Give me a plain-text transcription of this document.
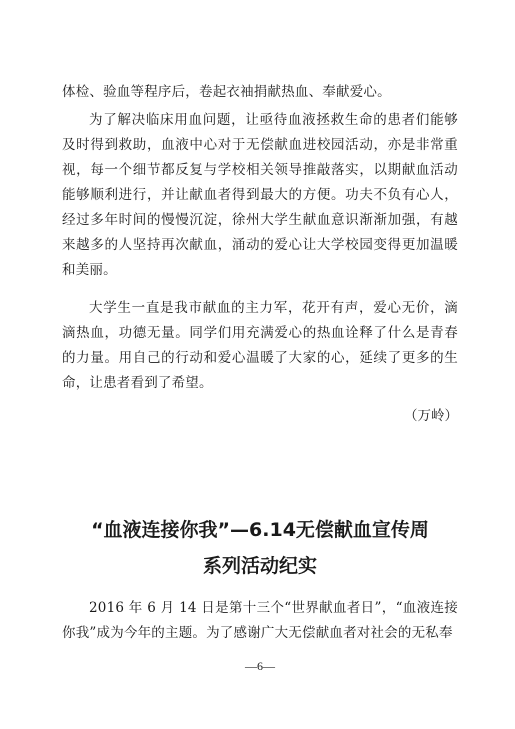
体检、验血等程序后，卷起衣袖捐献热血、奉献爱心。

为了解决临床用血问题，让亟待血液拯救生命的患者们能够及时得到救助，血液中心对于无偿献血进校园活动，亦是非常重视，每一个细节都反复与学校相关领导推敲落实，以期献血活动能够顺利进行，并让献血者得到最大的方便。功夫不负有心人，经过多年时间的慢慢沉淀，徐州大学生献血意识渐渐加强，有越来越多的人坚持再次献血，涌动的爱心让大学校园变得更加温暖和美丽。

大学生一直是我市献血的主力军，花开有声，爱心无价，滴滴热血，功德无量。同学们用充满爱心的热血诠释了什么是青春的力量。用自己的行动和爱心温暖了大家的心，延续了更多的生命，让患者看到了希望。

（万岭）
“血液连接你我”—6.14无偿献血宣传周
系列活动纪实

2016 年 6 月 14 日是第十三个“世界献血者日”，“血液连接你我”成为今年的主题。为了感谢广大无偿献血者对社会的无私奉

—6—
